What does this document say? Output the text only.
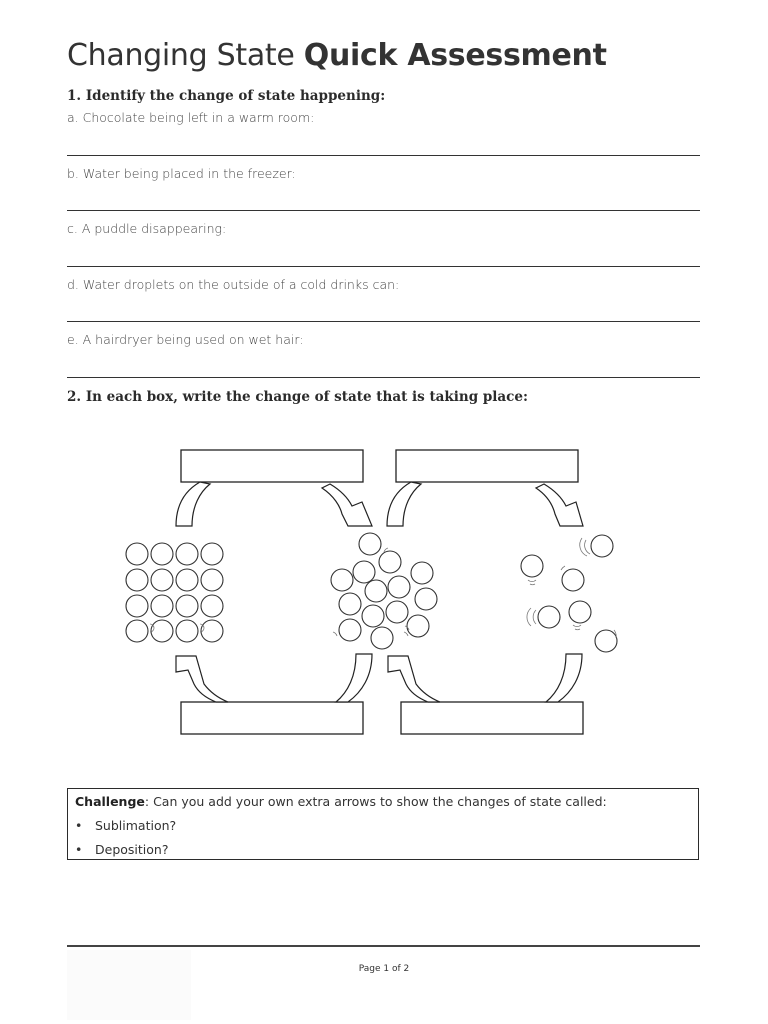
Changing State Quick Assessment

1. Identify the change of state happening:

a. Chocolate being left in a warm room:

b. Water being placed in the freezer:

c. A puddle disappearing:

d. Water droplets on the outside of a cold drinks can:

e. A hairdryer being used on wet hair:

2. In each box, write the change of state that is taking place:

Challenge: Can you add your own extra arrows to show the changes of state called:

• Sublimation?

• Deposition?

Page 1 of 2
